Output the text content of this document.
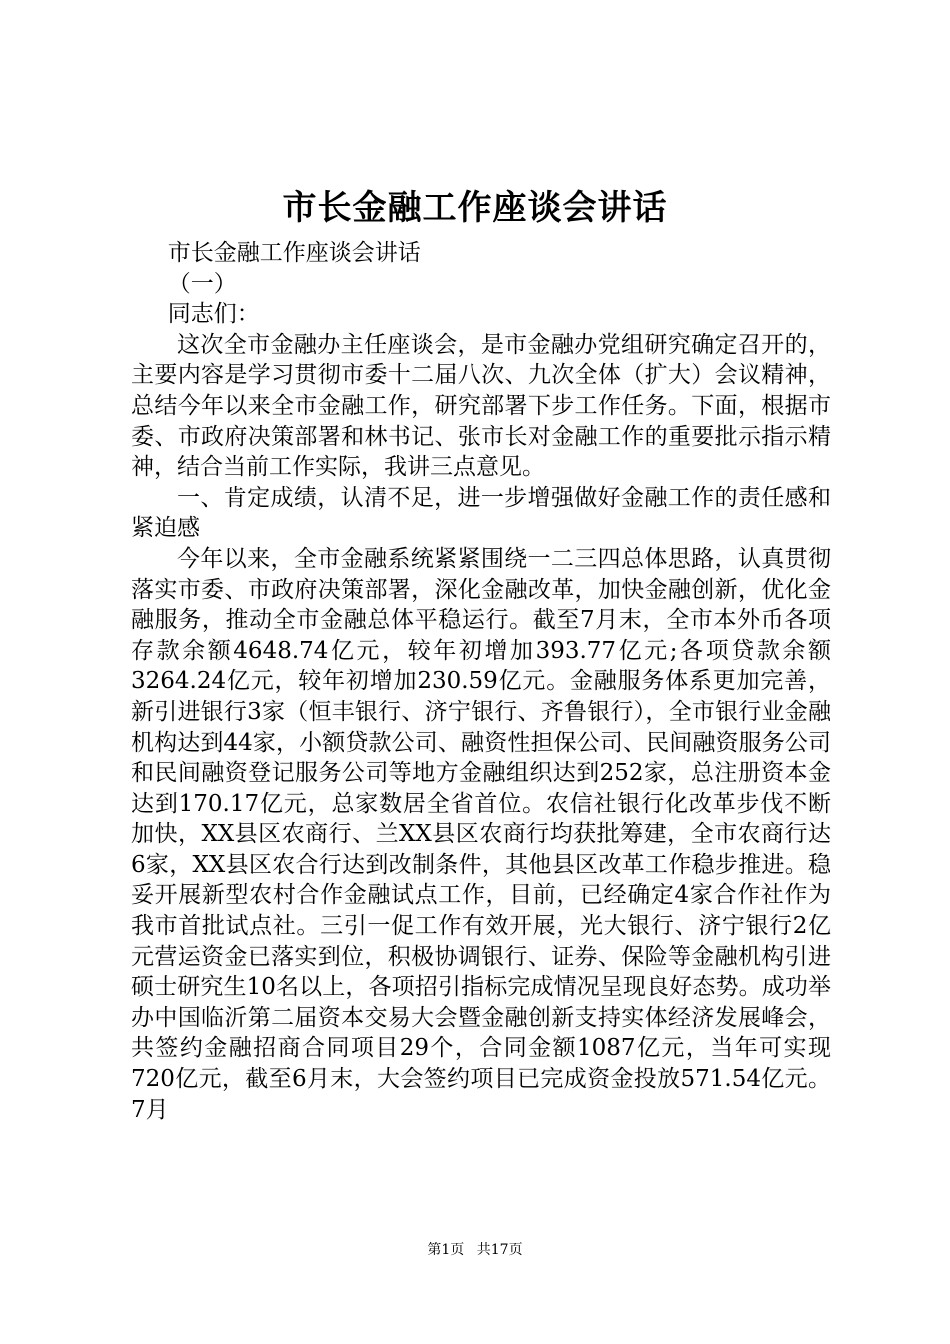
市长金融工作座谈会讲话

市长金融工作座谈会讲话

（一）

同志们：

这次全市金融办主任座谈会，是市金融办党组研究确定召开的，主要内容是学习贯彻市委十二届八次、九次全体（扩大）会议精神，总结今年以来全市金融工作，研究部署下步工作任务。下面，根据市委、市政府决策部署和林书记、张市长对金融工作的重要批示指示精神，结合当前工作实际，我讲三点意见。

一、肯定成绩，认清不足，进一步增强做好金融工作的责任感和紧迫感

今年以来，全市金融系统紧紧围绕一二三四总体思路，认真贯彻落实市委、市政府决策部署，深化金融改革，加快金融创新，优化金融服务，推动全市金融总体平稳运行。截至7月末，全市本外币各项存款余额4648.74亿元，较年初增加393.77亿元;各项贷款余额3264.24亿元，较年初增加230.59亿元。金融服务体系更加完善，新引进银行3家（恒丰银行、济宁银行、齐鲁银行），全市银行业金融机构达到44家，小额贷款公司、融资性担保公司、民间融资服务公司和民间融资登记服务公司等地方金融组织达到252家，总注册资本金达到170.17亿元，总家数居全省首位。农信社银行化改革步伐不断加快，XX县区农商行、兰XX县区农商行均获批筹建，全市农商行达6家，XX县区农合行达到改制条件，其他县区改革工作稳步推进。稳妥开展新型农村合作金融试点工作，目前，已经确定4家合作社作为我市首批试点社。三引一促工作有效开展，光大银行、济宁银行2亿元营运资金已落实到位，积极协调银行、证券、保险等金融机构引进硕士研究生10名以上，各项招引指标完成情况呈现良好态势。成功举办中国临沂第二届资本交易大会暨金融创新支持实体经济发展峰会，共签约金融招商合同项目29个，合同金额1087亿元，当年可实现720亿元，截至6月末，大会签约项目已完成资金投放571.54亿元。7月

第1页 共17页
